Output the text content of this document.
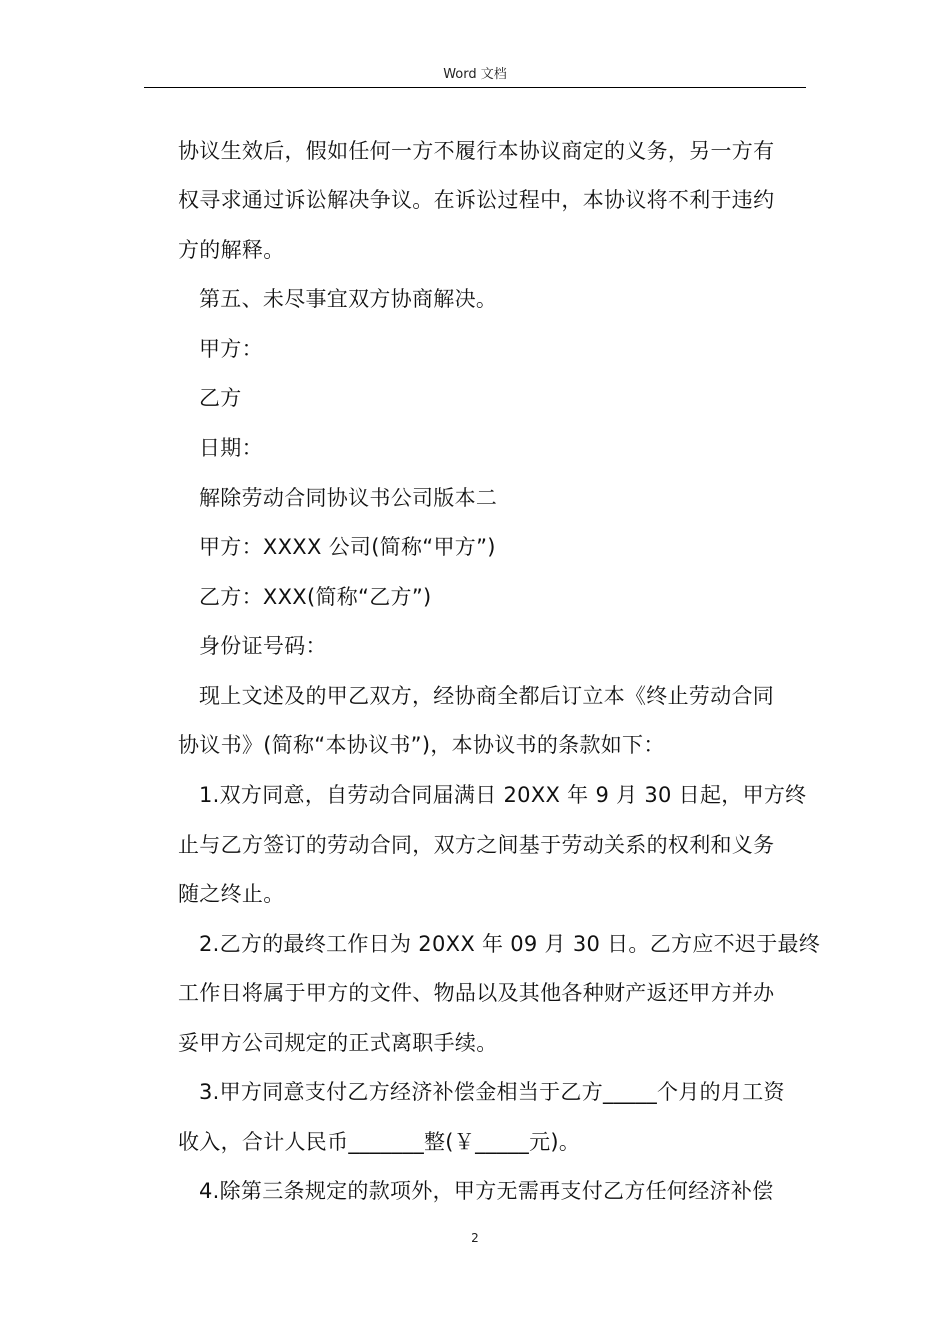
Word 文档
协议生效后，假如任何一方不履行本协议商定的义务，另一方有
权寻求通过诉讼解决争议。在诉讼过程中，本协议将不利于违约
方的解释。
第五、未尽事宜双方协商解决。
甲方：
乙方
日期：
解除劳动合同协议书公司版本二
甲方：XXXX 公司(简称“甲方”)
乙方：XXX(简称“乙方”)
身份证号码：
现上文述及的甲乙双方，经协商全都后订立本《终止劳动合同
协议书》(简称“本协议书”)，本协议书的条款如下：
1.双方同意，自劳动合同届满日 20XX 年 9 月 30 日起，甲方终
止与乙方签订的劳动合同，双方之间基于劳动关系的权利和义务
随之终止。
2.乙方的最终工作日为 20XX 年 09 月 30 日。乙方应不迟于最终
工作日将属于甲方的文件、物品以及其他各种财产返还甲方并办
妥甲方公司规定的正式离职手续。
3.甲方同意支付乙方经济补偿金相当于乙方_____个月的月工资
收入，合计人民币_______整(￥_____元)。
4.除第三条规定的款项外，甲方无需再支付乙方任何经济补偿
2
